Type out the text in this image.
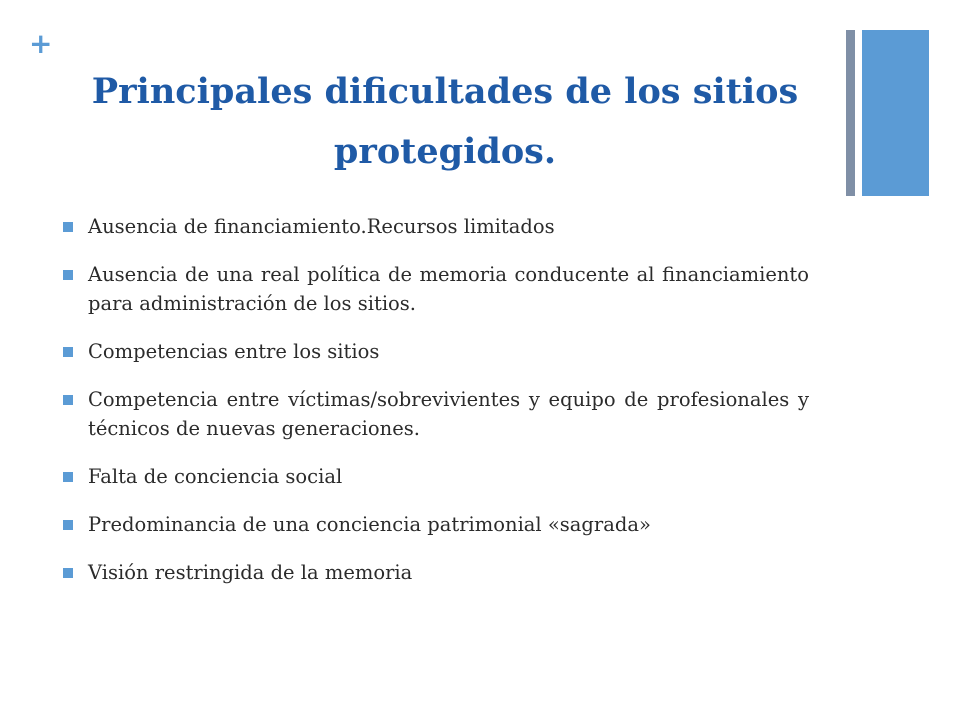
+
Principales dificultades de los sitios protegidos.
Ausencia de financiamiento.Recursos limitados
Ausencia de una real política de memoria conducente al financiamiento para administración de los sitios.
Competencias entre los sitios
Competencia entre víctimas/sobrevivientes y equipo de profesionales y técnicos de nuevas generaciones.
Falta de conciencia social
Predominancia de una conciencia patrimonial «sagrada»
Visión restringida de la memoria
